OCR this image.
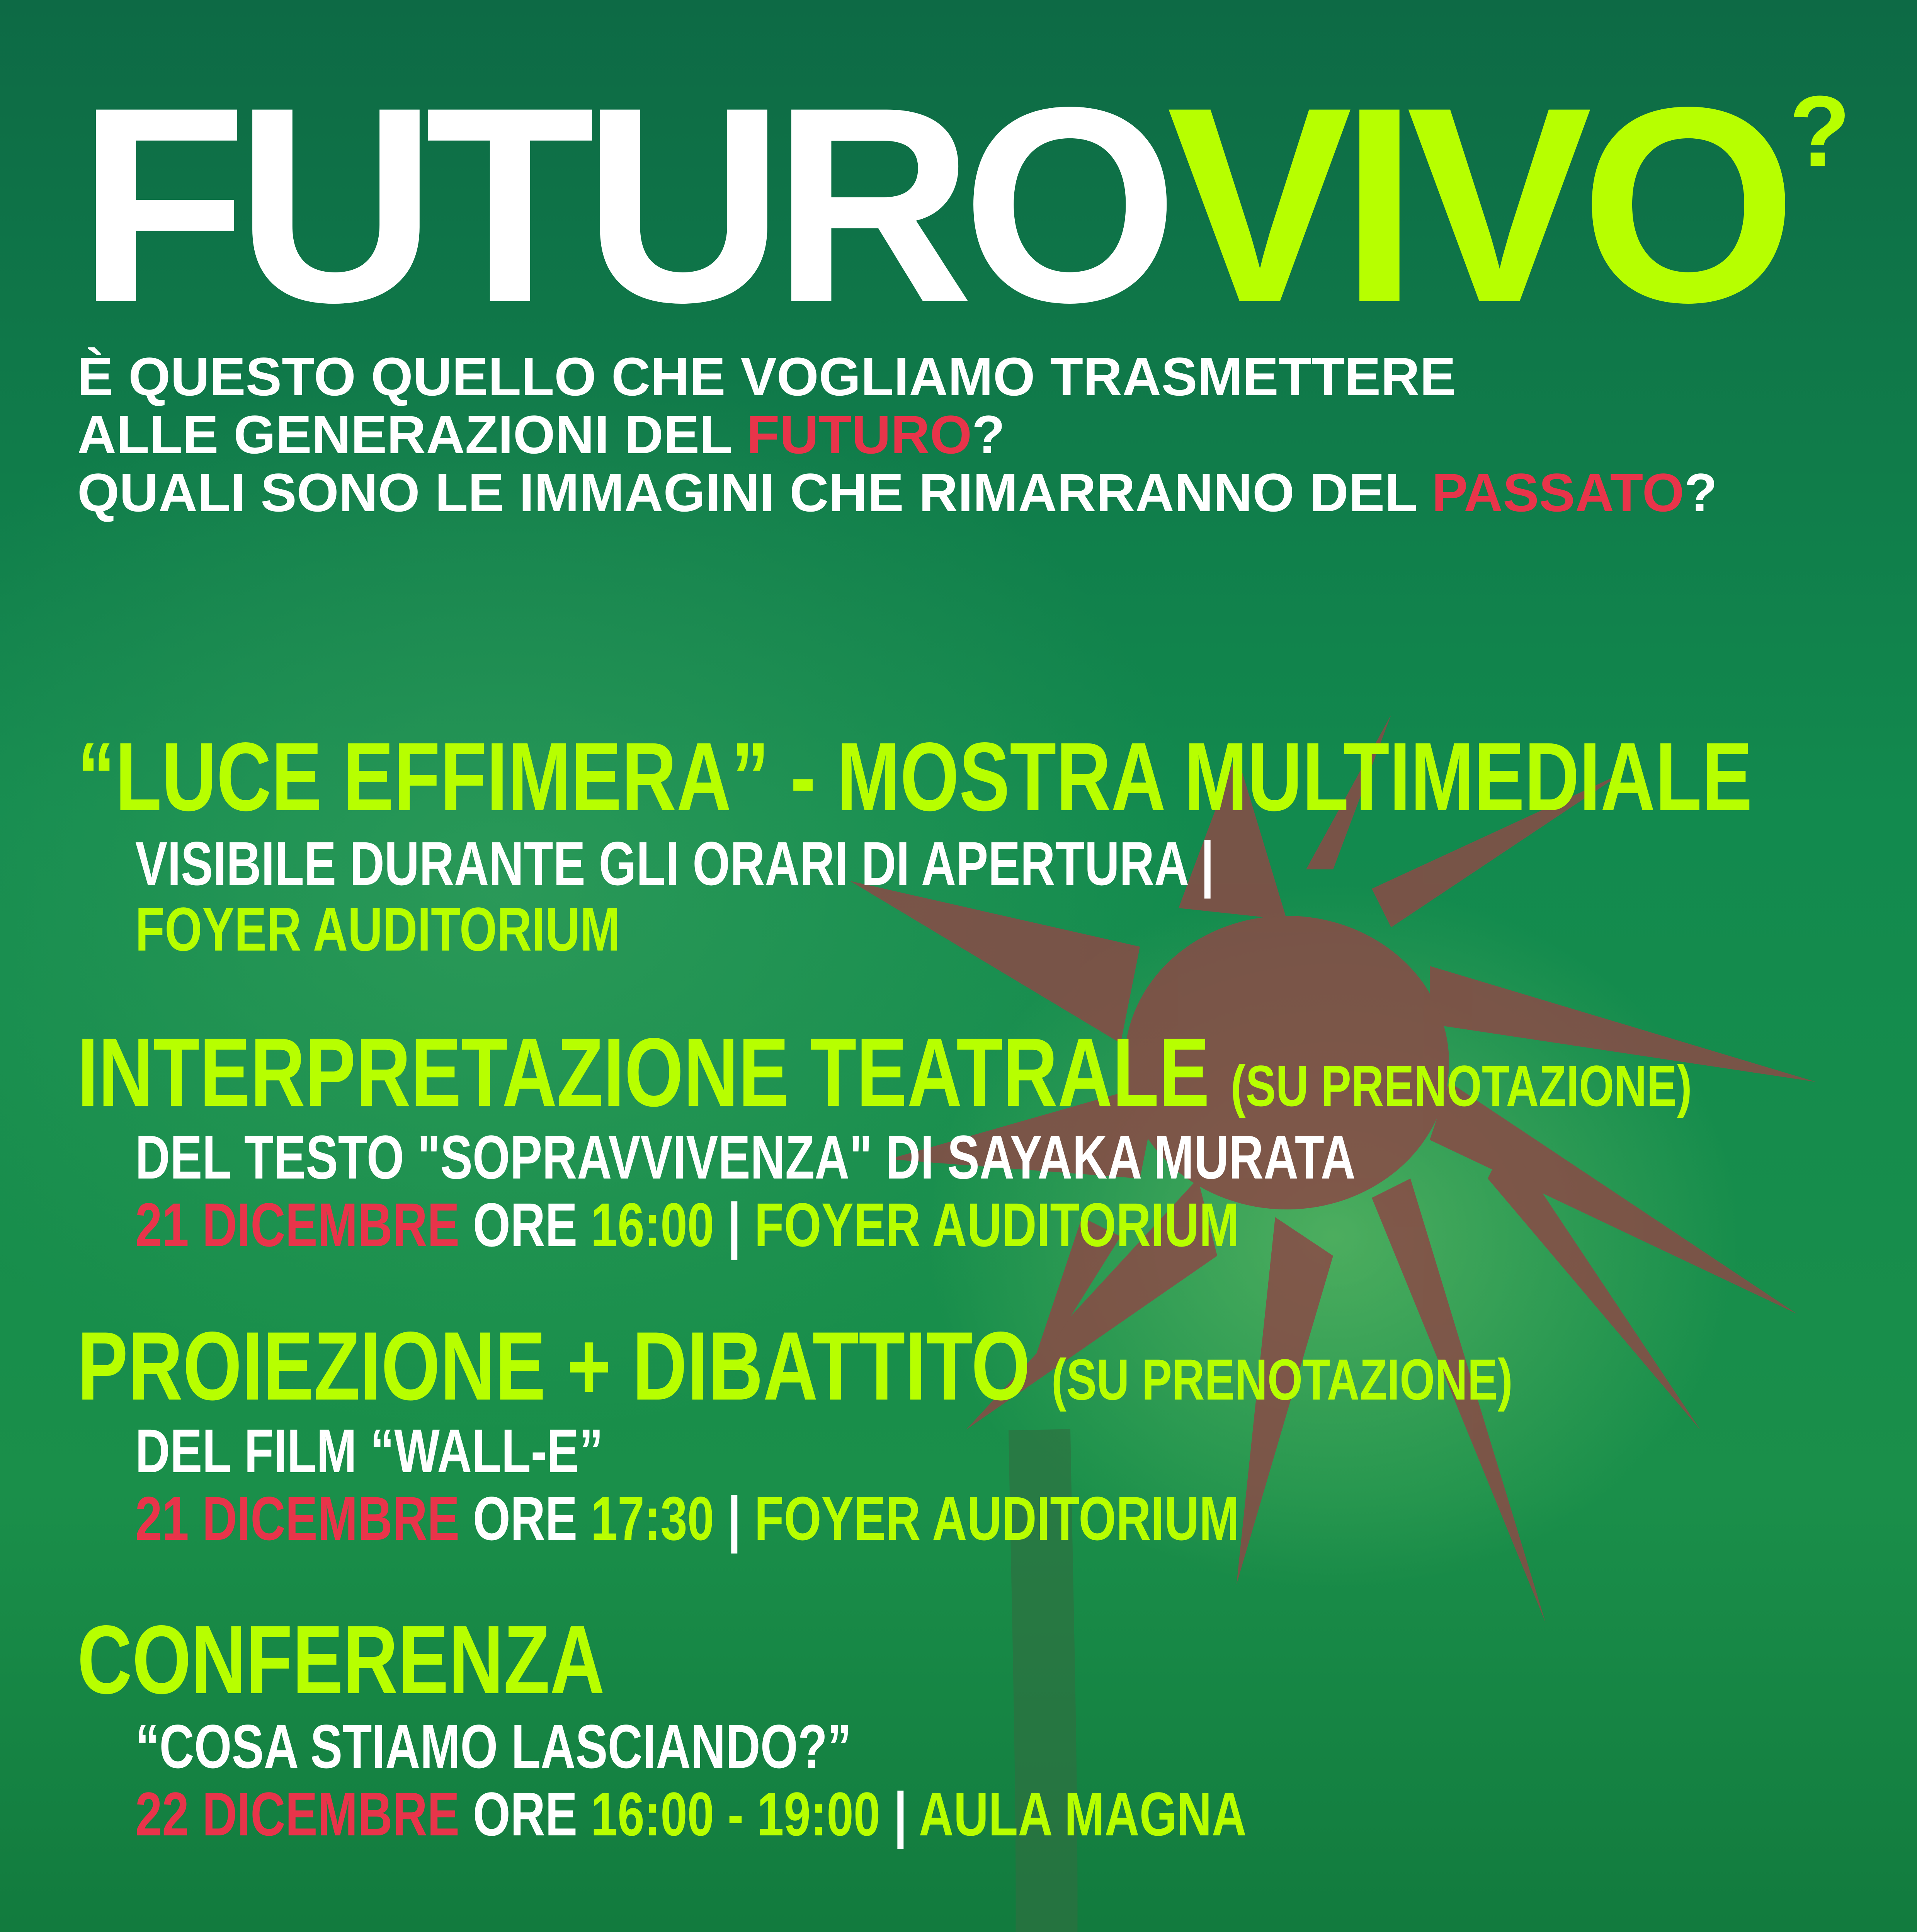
FUTUROVIVO?
È QUESTO QUELLO CHE VOGLIAMO TRASMETTERE
ALLE GENERAZIONI DEL FUTURO?
QUALI SONO LE IMMAGINI CHE RIMARRANNO DEL PASSATO?
“LUCE EFFIMERA” - MOSTRA MULTIMEDIALE
VISIBILE DURANTE GLI ORARI DI APERTURA |
FOYER AUDITORIUM
INTERPRETAZIONE TEATRALE (SU PRENOTAZIONE)
DEL TESTO "SOPRAVVIVENZA" DI SAYAKA MURATA
21 DICEMBRE ORE 16:00 | FOYER AUDITORIUM
PROIEZIONE + DIBATTITO (SU PRENOTAZIONE)
DEL FILM “WALL-E”
21 DICEMBRE ORE 17:30 | FOYER AUDITORIUM
CONFERENZA
“COSA STIAMO LASCIANDO?”
22 DICEMBRE ORE 16:00 - 19:00 | AULA MAGNA
